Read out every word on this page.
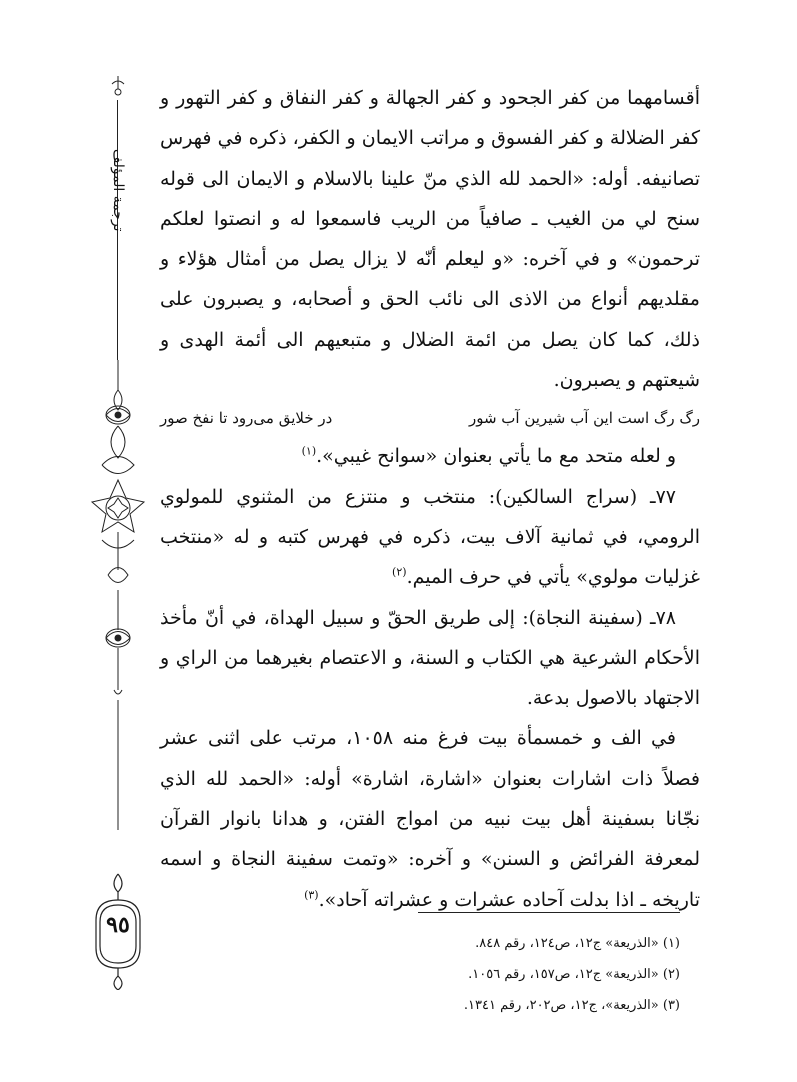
ترجمة المؤلف
٩٥

أقسامهما من كفر الجحود و كفر الجهالة و كفر النفاق و كفر التهور و كفر الضلالة و كفر الفسوق و مراتب الايمان و الكفر، ذكره في فهرس تصانيفه. أوله: «الحمد لله الذي منّ علينا بالاسلام و الايمان الى قوله سنح لي من الغيب ـ صافياً من الريب فاسمعوا له و انصتوا لعلكم ترحمون» و في آخره: «و ليعلم أنّه لا يزال يصل من أمثال هؤلاء و مقلديهم أنواع من الاذى الى نائب الحق و أصحابه، و يصبرون على ذلك، كما كان يصل من ائمة الضلال و متبعيهم الى أئمة الهدى و شيعتهم و يصبرون.

رگ رگ است این آب شیرین آب شور
در خلایق می‌رود تا نفخ صور

و لعله متحد مع ما يأتي بعنوان «سوانح غيبي».$^{(١)}$

٧٧ـ (سراج السالكين): منتخب و منتزع من المثنوي للمولوي الرومي، في ثمانية آلاف بيت، ذكره في فهرس كتبه و له «منتخب غزليات مولوي» يأتي في حرف الميم.$^{(٢)}$

٧٨ـ (سفينة النجاة): إلى طريق الحقّ و سبيل الهداة، في أنّ مأخذ الأحكام الشرعية هي الكتاب و السنة، و الاعتصام بغيرهما من الراي و الاجتهاد بالاصول بدعة.

في الف و خمسمأة بيت فرغ منه ١٠٥٨، مرتب على اثنى عشر فصلاً ذات اشارات بعنوان «اشارة، اشارة» أوله: «الحمد لله الذي نجّانا بسفينة أهل بيت نبيه من امواج الفتن، و هدانا بانوار القرآن لمعرفة الفرائض و السنن» و آخره: «وتمت سفينة النجاة و اسمه تاريخه ـ اذا بدلت آحاده عشرات و عشراته آحاد».$^{(٣)}$

(١) «الذريعة» ج١٢، ص١٢٤، رقم ٨٤٨.

(٢) «الذريعة» ج١٢، ص١٥٧، رقم ١٠٥٦.

(٣) «الذريعة»، ج١٢، ص٢٠٢، رقم ١٣٤١.
